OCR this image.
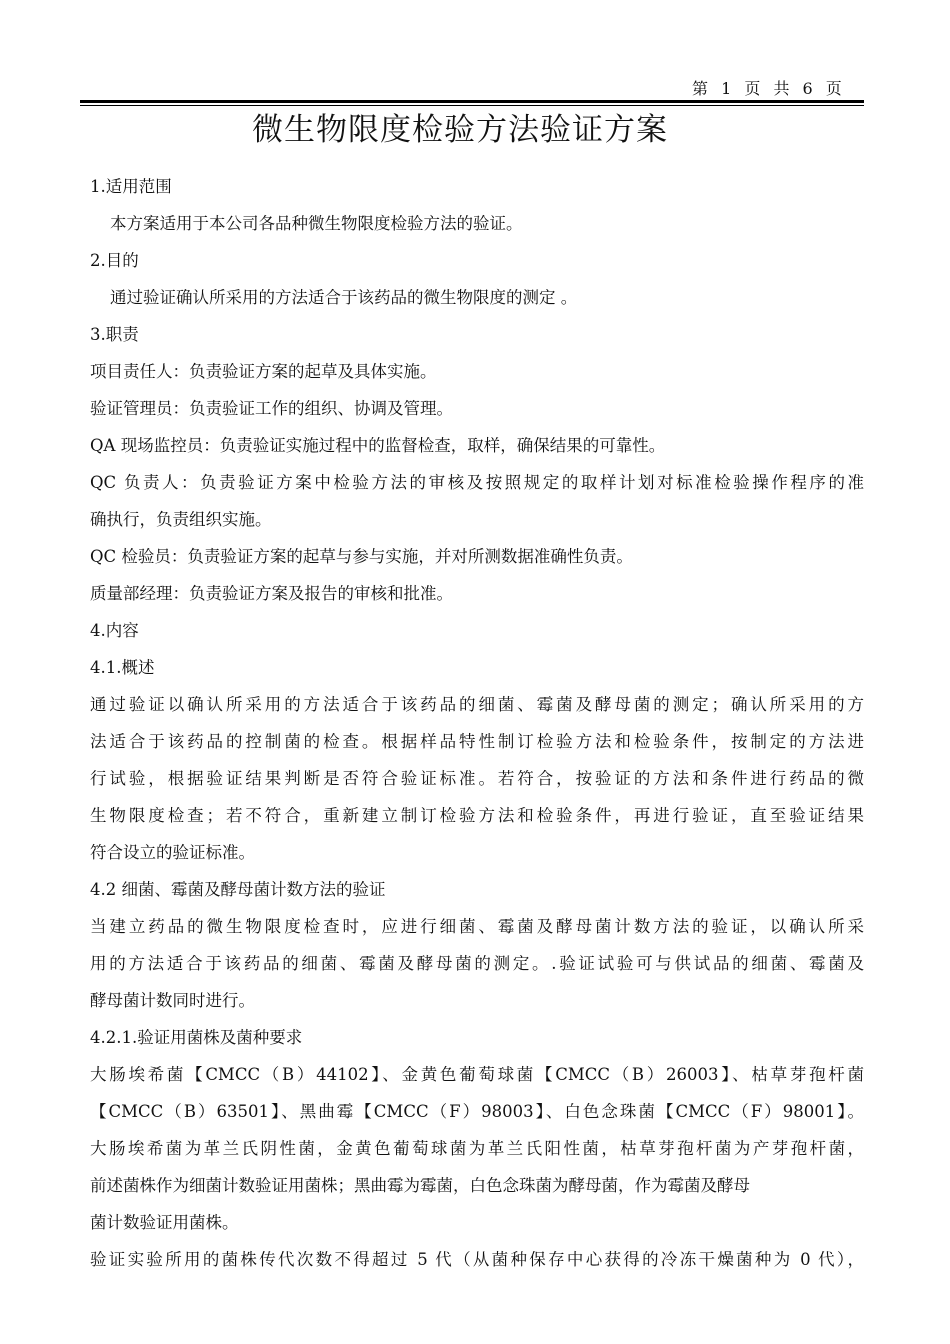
第 1 页 共 6 页
微生物限度检验方法验证方案

1.适用范围

本方案适用于本公司各品种微生物限度检验方法的验证。

2.目的

通过验证确认所采用的方法适合于该药品的微生物限度的测定 。

3.职责

项目责任人：负责验证方案的起草及具体实施。

验证管理员：负责验证工作的组织、协调及管理。

QA 现场监控员：负责验证实施过程中的监督检查，取样，确保结果的可靠性。

QC 负责人：负责验证方案中检验方法的审核及按照规定的取样计划对标准检验操作程序的准

确执行，负责组织实施。

QC 检验员：负责验证方案的起草与参与实施，并对所测数据准确性负责。

质量部经理：负责验证方案及报告的审核和批准。

4.内容

4.1.概述

通过验证以确认所采用的方法适合于该药品的细菌、霉菌及酵母菌的测定；确认所采用的方

法适合于该药品的控制菌的检查。根据样品特性制订检验方法和检验条件，按制定的方法进

行试验，根据验证结果判断是否符合验证标准。若符合，按验证的方法和条件进行药品的微

生物限度检查；若不符合，重新建立制订检验方法和检验条件，再进行验证，直至验证结果

符合设立的验证标准。

4.2 细菌、霉菌及酵母菌计数方法的验证

当建立药品的微生物限度检查时，应进行细菌、霉菌及酵母菌计数方法的验证，以确认所采

用的方法适合于该药品的细菌、霉菌及酵母菌的测定。.验证试验可与供试品的细菌、霉菌及

酵母菌计数同时进行。

4.2.1.验证用菌株及菌种要求

大肠埃希菌【CMCC（B）44102】、金黄色葡萄球菌【CMCC（B）26003】、枯草芽孢杆菌

【CMCC（B）63501】、黑曲霉【CMCC（F）98003】、白色念珠菌【CMCC（F）98001】。

大肠埃希菌为革兰氏阴性菌，金黄色葡萄球菌为革兰氏阳性菌，枯草芽孢杆菌为产芽孢杆菌，

前述菌株作为细菌计数验证用菌株；黑曲霉为霉菌，白色念珠菌为酵母菌，作为霉菌及酵母

菌计数验证用菌株。

验证实验所用的菌株传代次数不得超过 5 代（从菌种保存中心获得的冷冻干燥菌种为 0 代），
